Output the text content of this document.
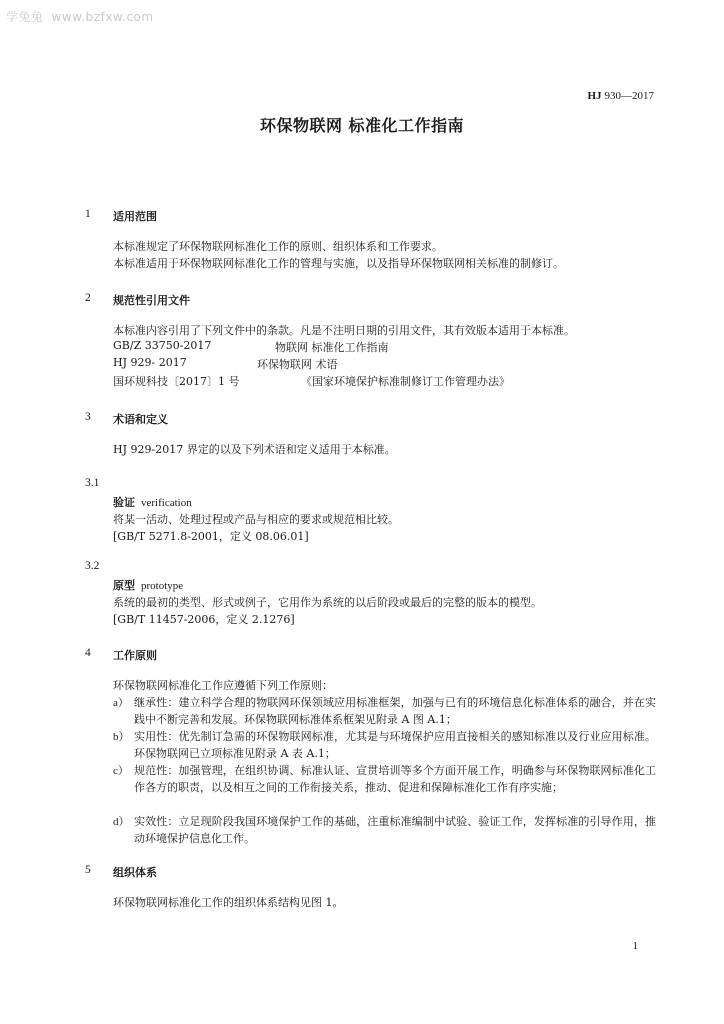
学兔兔 www.bzfxw.com
HJ 930—2017
环保物联网 标准化工作指南
1 适用范围
本标准规定了环保物联网标准化工作的原则、组织体系和工作要求。
本标准适用于环保物联网标准化工作的管理与实施，以及指导环保物联网相关标准的制修订。
2 规范性引用文件
本标准内容引用了下列文件中的条款。凡是不注明日期的引用文件，其有效版本适用于本标准。
GB/Z 33750-2017	物联网 标准化工作指南
HJ 929- 2017	环保物联网 术语
国环规科技〔2017〕1 号	《国家环境保护标准制修订工作管理办法》
3 术语和定义
HJ 929-2017 界定的以及下列术语和定义适用于本标准。
3.1
验证 verification
将某一活动、处理过程或产品与相应的要求或规范相比较。
[GB/T 5271.8-2001，定义 08.06.01]
3.2
原型 prototype
系统的最初的类型、形式或例子，它用作为系统的以后阶段或最后的完整的版本的模型。
[GB/T 11457-2006，定义 2.1276]
4 工作原则
环保物联网标准化工作应遵循下列工作原则：
a） 继承性：建立科学合理的物联网环保领域应用标准框架，加强与已有的环境信息化标准体系的融合，并在实践中不断完善和发展。环保物联网标准体系框架见附录 A 图 A.1；
b） 实用性：优先制订急需的环保物联网标准，尤其是与环境保护应用直接相关的感知标准以及行业应用标准。环保物联网已立项标准见附录 A 表 A.1；
c） 规范性：加强管理，在组织协调、标准认证、宣贯培训等多个方面开展工作，明确参与环保物联网标准化工作各方的职责，以及相互之间的工作衔接关系，推动、促进和保障标准化工作有序实施；
d） 实效性：立足现阶段我国环境保护工作的基础，注重标准编制中试验、验证工作，发挥标准的引导作用，推动环境保护信息化工作。
5 组织体系
环保物联网标准化工作的组织体系结构见图 1。
1
